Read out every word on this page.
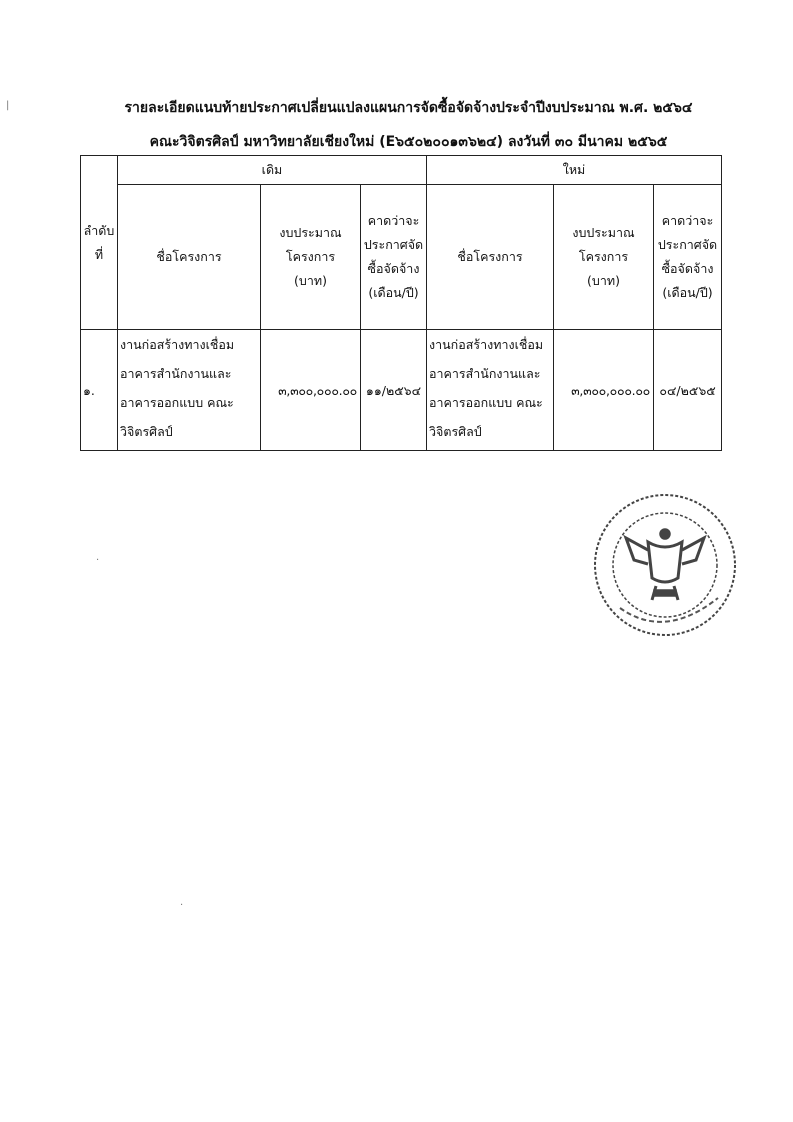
รายละเอียดแนบท้ายประกาศเปลี่ยนแปลงแผนการจัดซื้อจัดจ้างประจำปีงบประมาณ พ.ศ. ๒๕๖๔
คณะวิจิตรศิลป์ มหาวิทยาลัยเชียงใหม่ (E๖๕๐๒๐๐๑๓๖๒๔) ลงวันที่ ๓๐ มีนาคม ๒๕๖๕
ลำดับที่	เดิม			ใหม่		
	ชื่อโครงการ	งบประมาณโครงการ (บาท)	คาดว่าจะประกาศจัดซื้อจัดจ้าง (เดือน/ปี)	ชื่อโครงการ	งบประมาณโครงการ (บาท)	คาดว่าจะประกาศจัดซื้อจัดจ้าง (เดือน/ปี)
๑.	งานก่อสร้างทางเชื่อมอาคารสำนักงานและอาคารออกแบบ คณะวิจิตรศิลป์	๓,๓๐๐,๐๐๐.๐๐	๑๑/๒๕๖๔	งานก่อสร้างทางเชื่อมอาคารสำนักงานและอาคารออกแบบ คณะวิจิตรศิลป์	๓,๓๐๐,๐๐๐.๐๐	๐๔/๒๕๖๕
|
·
·
